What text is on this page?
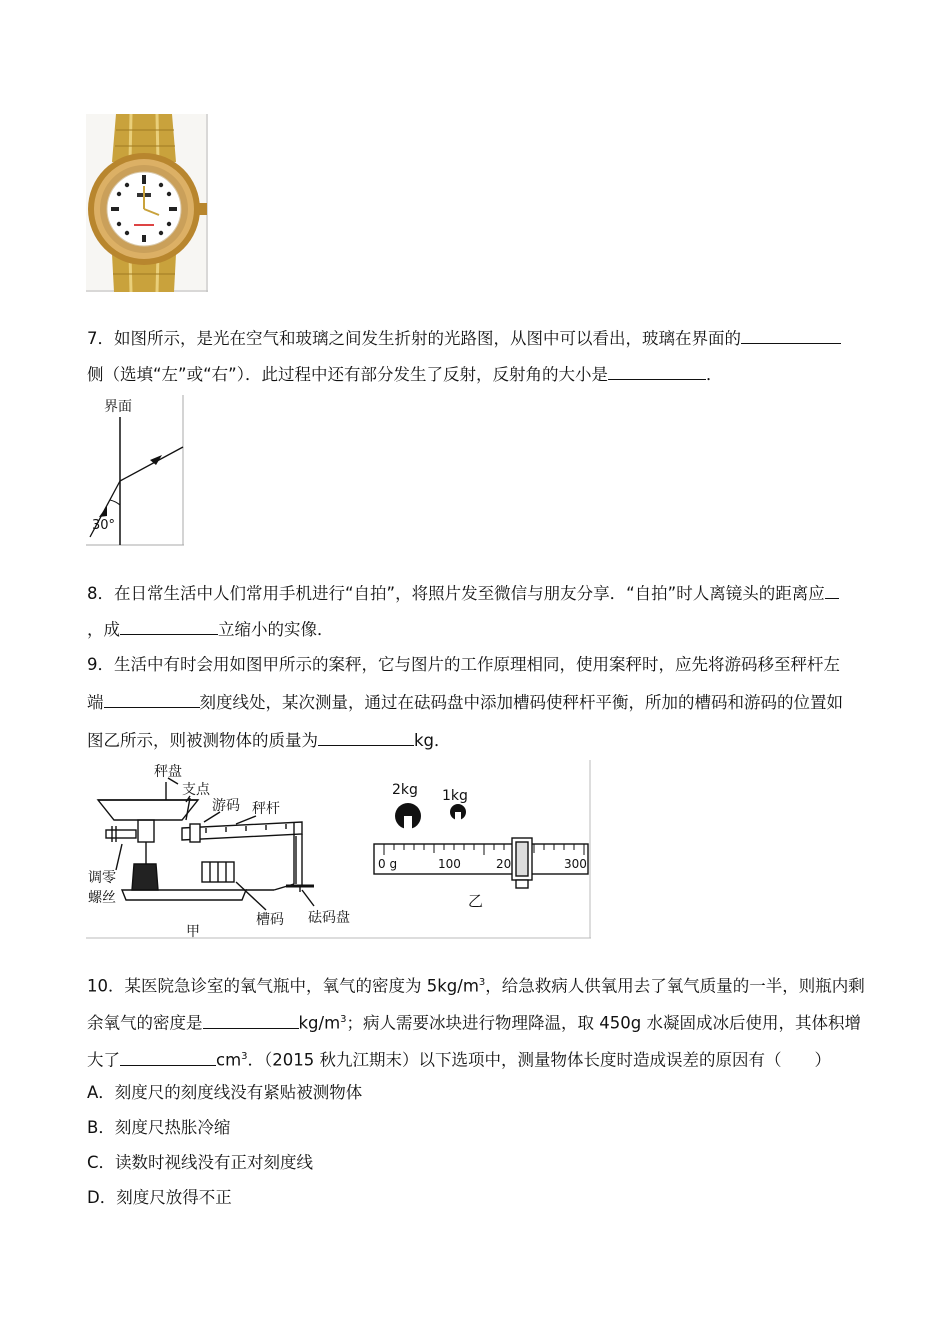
7．如图所示，是光在空气和玻璃之间发生折射的光路图，从图中可以看出，玻璃在界面的
侧（选填“左”或“右”）．此过程中还有部分发生了反射，反射角的大小是	．
界面
30°
8．在日常生活中人们常用手机进行“自拍”，将照片发至微信与朋友分享．“自拍”时人离镜头的距离应
，成	立缩小的实像．
9．生活中有时会用如图甲所示的案秤，它与图片的工作原理相同，使用案秤时，应先将游码移至秤杆左
端	刻度线处，某次测量，通过在砝码盘中添加槽码使秤杆平衡，所加的槽码和游码的位置如
图乙所示，则被测物体的质量为	kg．
秤盘
支点
游码 秤杆
调零
螺丝
槽码 砝码盘
甲
2kg 1kg
乙
0 g	100	20	300
10．某医院急诊室的氧气瓶中，氧气的密度为 $5kg/m^3$，给急救病人供氧用去了氧气质量的一半，则瓶内剩
余氧气的密度是	$kg/m^3$；病人需要冰块进行物理降温，取 450g 水凝固成冰后使用，其体积增
大了	$cm^3$．（2015 秋九江期末）以下选项中，测量物体长度时造成误差的原因有（　　）
A．刻度尺的刻度线没有紧贴被测物体
B．刻度尺热胀冷缩
C．读数时视线没有正对刻度线
D．刻度尺放得不正
